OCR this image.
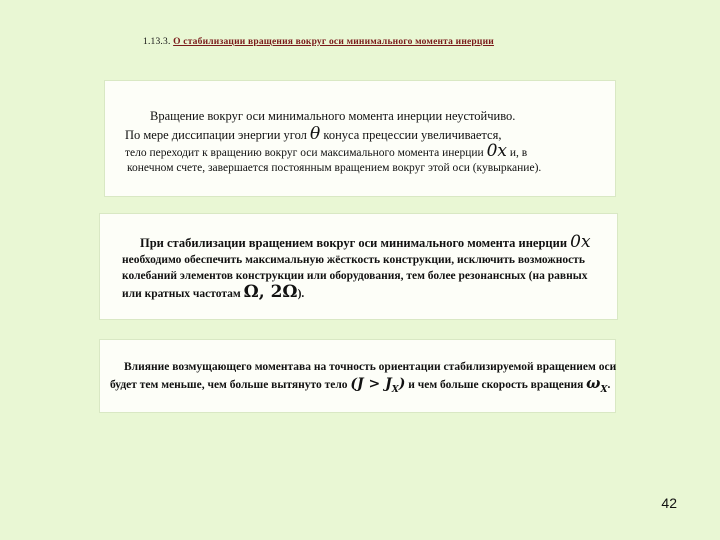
1.13.3. О стабилизации вращения вокруг оси минимального момента инерции
Вращение вокруг оси минимального момента инерции неустойчиво.
По мере диссипации энергии угол θ конуса прецессии увеличивается,
тело переходит к вращению вокруг оси максимального момента инерции 0x и, в
конечном счете, завершается постоянным вращением вокруг этой оси (кувыркание).
При стабилизации вращением вокруг оси минимального момента инерции 0x
необходимо обеспечить максимальную жёсткость конструкции, исключить возможность
колебаний элементов конструкции или оборудования, тем более резонансных (на равных
или кратных частотам Ω, 2Ω).
Влияние возмущающего моментава на точность ориентации стабилизируемой вращением оси
будет тем меньше, чем больше вытянуто тело $(J > J_X)$ и чем больше скорость вращения $\omega_X$.
42
